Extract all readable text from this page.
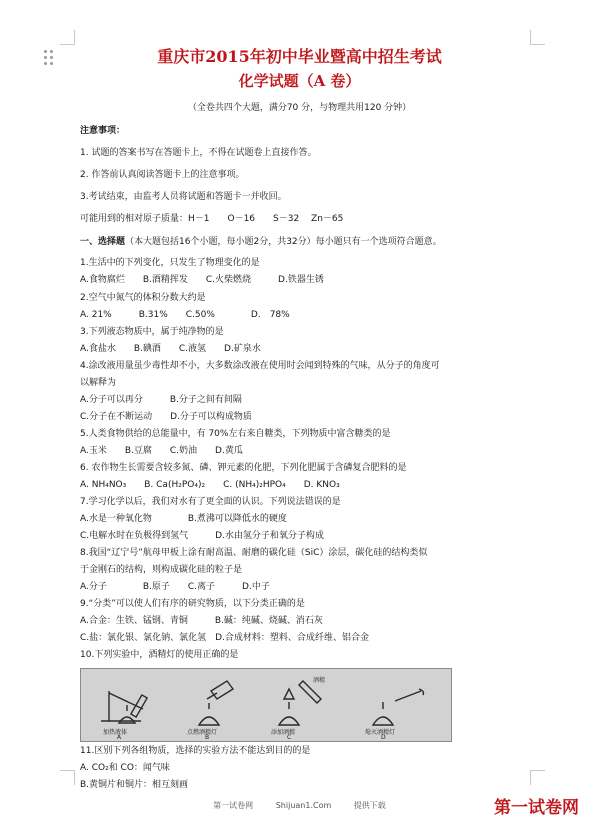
重庆市2015年初中毕业暨高中招生考试
化学试题（A 卷）
（全卷共四个大题，满分70 分，与物理共用120 分钟）
注意事项：
1. 试题的答案书写在答题卡上，不得在试题卷上直接作答。
2. 作答前认真阅读答题卡上的注意事项。
3.考试结束，由监考人员将试题和答题卡一并收回。
可能用到的相对原子质量：H－1　　O－16　　S－32　 Zn－65
一、选择题（本大题包括16个小题，每小题2分，共32分）每小题只有一个选项符合题意。
1.生活中的下列变化，只发生了物理变化的是
A.食物腐烂　　B.酒精挥发　　C.火柴燃烧　　　D.铁器生锈
2.空气中氮气的体积分数大约是
A. 21%　　　B.31%　　C.50%　　　　D.　78%
3.下列液态物质中，属于纯净物的是
A.食盐水　　B.碘酒　　C.液氢　　D.矿泉水
4.涂改液用量虽少毒性却不小，大多数涂改液在使用时会闻到特殊的气味，从分子的角度可
以解释为
A.分子可以再分　　　B.分子之间有间隔
C.分子在不断运动　　D.分子可以构成物质
5.人类食物供给的总能量中，有 70%左右来自糖类，下列物质中富含糖类的是
A.玉米　　B.豆腐　　C.奶油　　D.黄瓜
6. 农作物生长需要含较多氮、磷、钾元素的化肥，下列化肥属于含磷复合肥料的是
A. NH₄NO₃　　B. Ca(H₂PO₄)₂　　C. (NH₄)₂HPO₄　　D. KNO₃
7.学习化学以后，我们对水有了更全面的认识。下列说法错误的是
A.水是一种氧化物　　　　B.煮沸可以降低水的硬度
C.电解水时在负极得到氢气　　　D.水由氢分子和氧分子构成
8.我国“辽宁号”航母甲板上涂有耐高温、耐磨的碳化硅（SiC）涂层，碳化硅的结构类似
于金刚石的结构，则构成碳化硅的粒子是
A.分子　　　　B.原子　　C.离子　　　D.中子
9.“分类”可以使人们有序的研究物质，以下分类正确的是
A.合金：生铁、锰钢、青铜　　　B.碱：纯碱、烧碱、消石灰
C.盐：氯化银、氯化钠、氯化氢　D.合成材料：塑料、合成纤维、铝合金
10.下列实验中，酒精灯的使用正确的是
加热液体
A
点燃酒精灯
B
添加酒精
C
酒精
熄灭酒精灯
D
11.区别下列各组物质，选择的实验方法不能达到目的的是
A. CO₂和 CO：闻气味
B.黄铜片和铜片：相互刻画
第一试卷网	Shijuan1.Com	提供下载	第一试卷网
